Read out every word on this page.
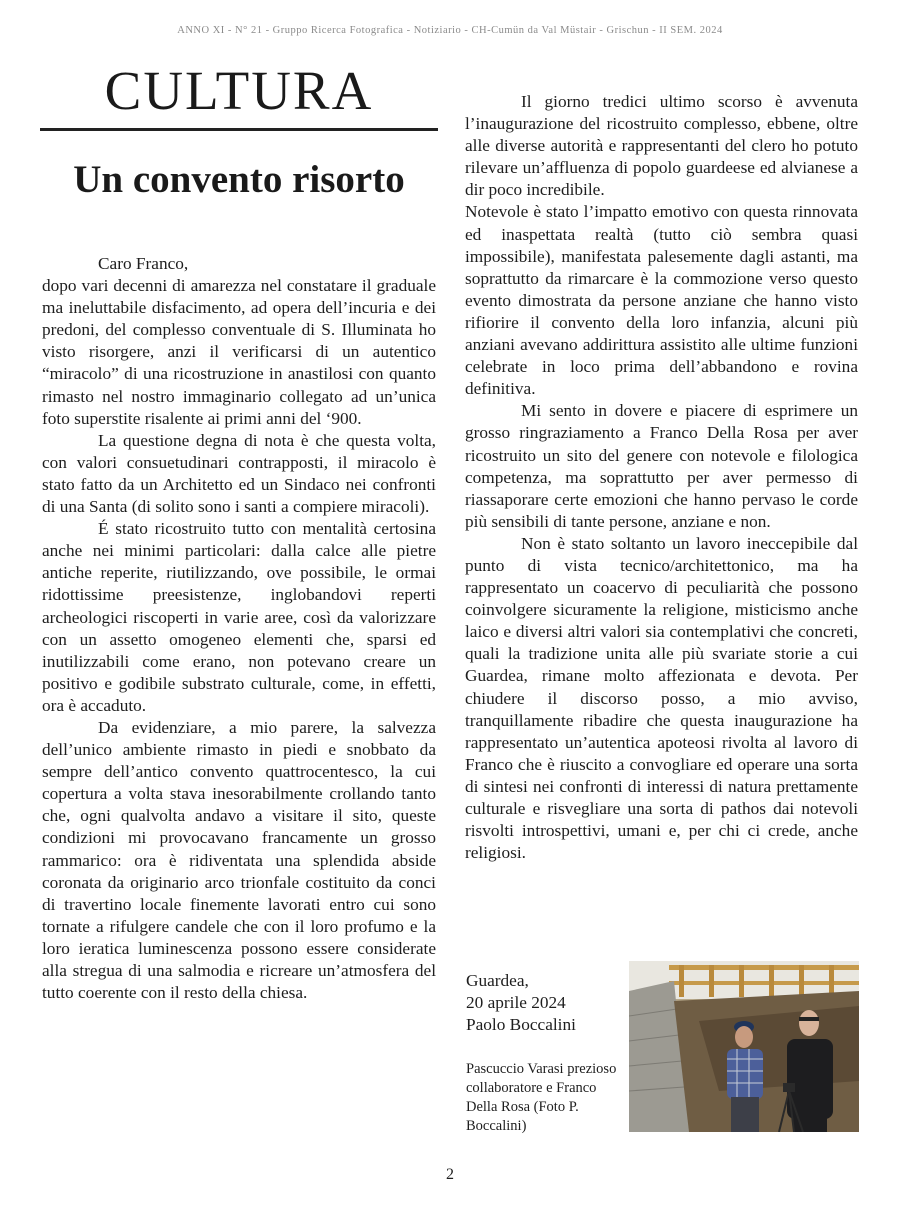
ANNO XI - N° 21 - Gruppo Ricerca Fotografica - Notiziario - CH-Cumün da Val Müstair - Grischun - II SEM. 2024
CULTURA
Un convento risorto

Caro Franco,

dopo vari decenni di amarezza nel constatare il graduale ma ineluttabile disfacimento, ad opera dell’incuria e dei predoni, del complesso conventuale di S. Illuminata ho visto risorgere, anzi il verificarsi di un autentico “miracolo” di una ricostruzione in anastilosi con quanto rimasto nel nostro immaginario collegato ad un’unica foto superstite risalente ai primi anni del ‘900.

La questione degna di nota è che questa volta, con valori consuetudinari contrapposti, il miracolo è stato fatto da un Architetto ed un Sindaco nei confronti di una Santa (di solito sono i santi a compiere miracoli).

É stato ricostruito tutto con mentalità certosina anche nei minimi particolari: dalla calce alle pietre antiche reperite, riutilizzando, ove possibile, le ormai ridottissime preesistenze, inglobandovi reperti archeologici riscoperti in varie aree, così da valorizzare con un assetto omogeneo elementi che, sparsi ed inutilizzabili come erano, non potevano creare un positivo e godibile substrato culturale, come, in effetti, ora è accaduto.

Da evidenziare, a mio parere, la salvezza dell’unico ambiente rimasto in piedi e snobbato da sempre dell’antico convento quattrocentesco, la cui copertura a volta stava inesorabilmente crollando tanto che, ogni qualvolta andavo a visitare il sito, queste condizioni mi provocavano francamente un grosso rammarico: ora è ridiventata una splendida abside coronata da originario arco trionfale costituito da conci di travertino locale finemente lavorati entro cui sono tornate a rifulgere candele che con il loro profumo e la loro ieratica luminescenza possono essere considerate alla stregua di una salmodia e ricreare un’atmosfera del tutto coerente con il resto della chiesa.

Il giorno tredici ultimo scorso è avvenuta l’inaugurazione del ricostruito complesso, ebbene, oltre alle diverse autorità e rappresentanti del clero ho potuto rilevare un’affluenza di popolo guardeese ed alvianese a dir poco incredibile.

Notevole è stato l’impatto emotivo con questa rinnovata ed inaspettata realtà (tutto ciò sembra quasi impossibile), manifestata palesemente dagli astanti, ma soprattutto da rimarcare è la commozione verso questo evento dimostrata da persone anziane che hanno visto rifiorire il convento della loro infanzia, alcuni più anziani avevano addirittura assistito alle ultime funzioni celebrate in loco prima dell’abbandono e rovina definitiva.

Mi sento in dovere e piacere di esprimere un grosso ringraziamento a Franco Della Rosa per aver ricostruito un sito del genere con notevole e filologica competenza, ma soprattutto per aver permesso di riassaporare certe emozioni che hanno pervaso le corde più sensibili di tante persone, anziane e non.

Non è stato soltanto un lavoro ineccepibile dal punto di vista tecnico/architettonico, ma ha rappresentato un coacervo di peculiarità che possono coinvolgere sicuramente la religione, misticismo anche laico e diversi altri valori sia contemplativi che concreti, quali la tradizione unita alle più svariate storie a cui Guardea, rimane molto affezionata e devota. Per chiudere il discorso posso, a mio avviso, tranquillamente ribadire che questa inaugurazione ha rappresentato un’autentica apoteosi rivolta al lavoro di Franco che è riuscito a convogliare ed operare una sorta di sintesi nei confronti di interessi di natura prettamente culturale e risvegliare una sorta di pathos dai notevoli risvolti introspettivi, umani e, per chi ci crede, anche religiosi.

Guardea,
20 aprile 2024
Paolo Boccalini
Pascuccio Varasi prezioso collaboratore e Franco Della Rosa (Foto P. Boccalini)
2
